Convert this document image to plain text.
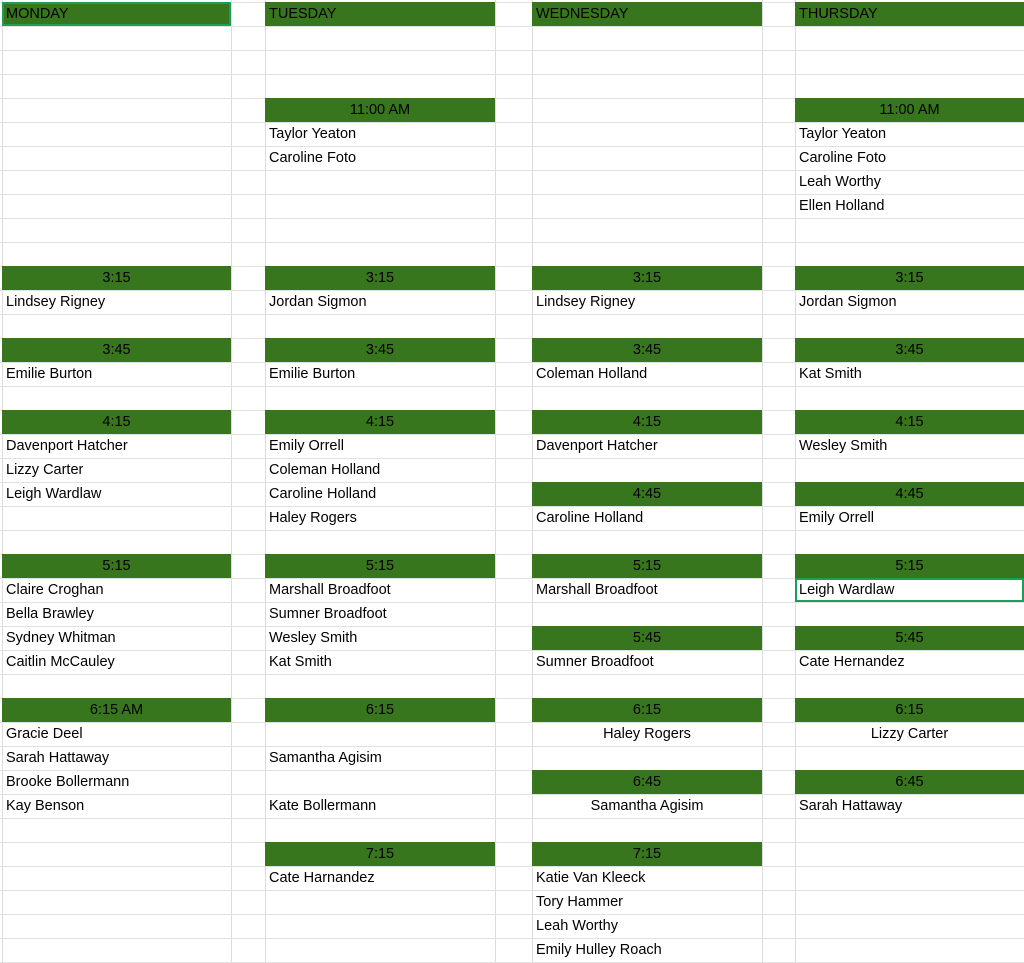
MONDAY
3:15
Lindsey Rigney
3:45
Emilie Burton
4:15
Davenport Hatcher
Lizzy Carter
Leigh Wardlaw
5:15
Claire Croghan
Bella Brawley
Sydney Whitman
Caitlin McCauley
6:15 AM
Gracie Deel
Sarah Hattaway
Brooke Bollermann
Kay Benson
TUESDAY
11:00 AM
Taylor Yeaton
Caroline Foto
3:15
Jordan Sigmon
3:45
Emilie Burton
4:15
Emily Orrell
Coleman Holland
Caroline Holland
Haley Rogers
5:15
Marshall Broadfoot
Sumner Broadfoot
Wesley Smith
Kat Smith
6:15
Samantha Agisim
Kate Bollermann
7:15
Cate Harnandez
WEDNESDAY
3:15
Lindsey Rigney
3:45
Coleman Holland
4:15
Davenport Hatcher
4:45
Caroline Holland
5:15
Marshall Broadfoot
5:45
Sumner Broadfoot
6:15
Haley Rogers
6:45
Samantha Agisim
7:15
Katie Van Kleeck
Tory Hammer
Leah Worthy
Emily Hulley Roach
THURSDAY
11:00 AM
Taylor Yeaton
Caroline Foto
Leah Worthy
Ellen Holland
3:15
Jordan Sigmon
3:45
Kat Smith
4:15
Wesley Smith
4:45
Emily Orrell
5:15
Leigh Wardlaw
5:45
Cate Hernandez
6:15
Lizzy Carter
6:45
Sarah Hattaway
